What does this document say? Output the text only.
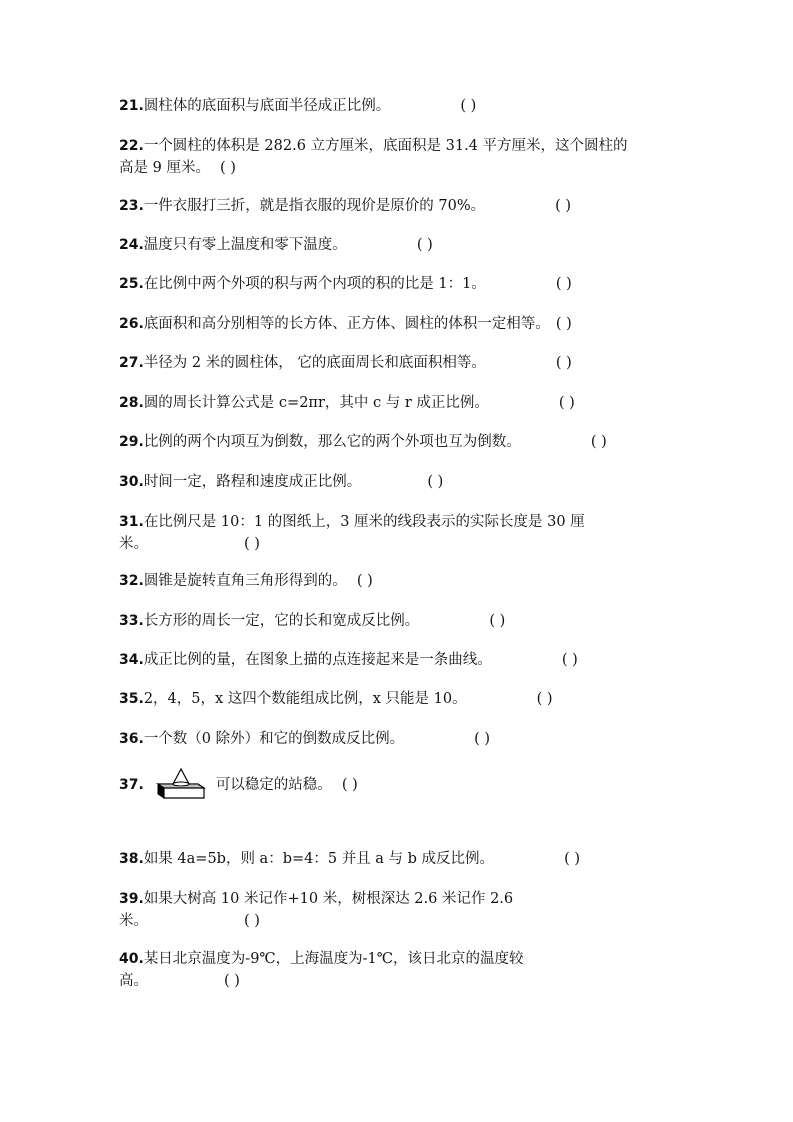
21.圆柱体的底面积与底面半径成正比例。	( )
22.一个圆柱的体积是 282.6 立方厘米，底面积是 31.4 平方厘米，这个圆柱的
高是 9 厘米。 ( )
23.一件衣服打三折，就是指衣服的现价是原价的 70%。	( )
24.温度只有零上温度和零下温度。	( )
25.在比例中两个外项的积与两个内项的积的比是 1：1。	( )
26.底面积和高分别相等的长方体、正方体、圆柱的体积一定相等。 ( )
27.半径为 2 米的圆柱体， 它的底面周长和底面积相等。	( )
28.圆的周长计算公式是 c=2πr，其中 c 与 r 成正比例。	( )
29.比例的两个内项互为倒数，那么它的两个外项也互为倒数。	( )
30.时间一定，路程和速度成正比例。	( )
31.在比例尺是 10：1 的图纸上，3 厘米的线段表示的实际长度是 30 厘
米。	( )
32.圆锥是旋转直角三角形得到的。 ( )
33.长方形的周长一定，它的长和宽成反比例。	( )
34.成正比例的量，在图象上描的点连接起来是一条曲线。	( )
35.2，4，5，x 这四个数能组成比例，x 只能是 10。	( )
36.一个数（0 除外）和它的倒数成反比例。	( )
37.	可以稳定的站稳。 ( )
38.如果 4a=5b，则 a：b=4：5 并且 a 与 b 成反比例。	( )
39.如果大树高 10 米记作+10 米，树根深达 2.6 米记作 2.6
米。	( )
40.某日北京温度为-9℃，上海温度为-1℃，该日北京的温度较
高。	( )
